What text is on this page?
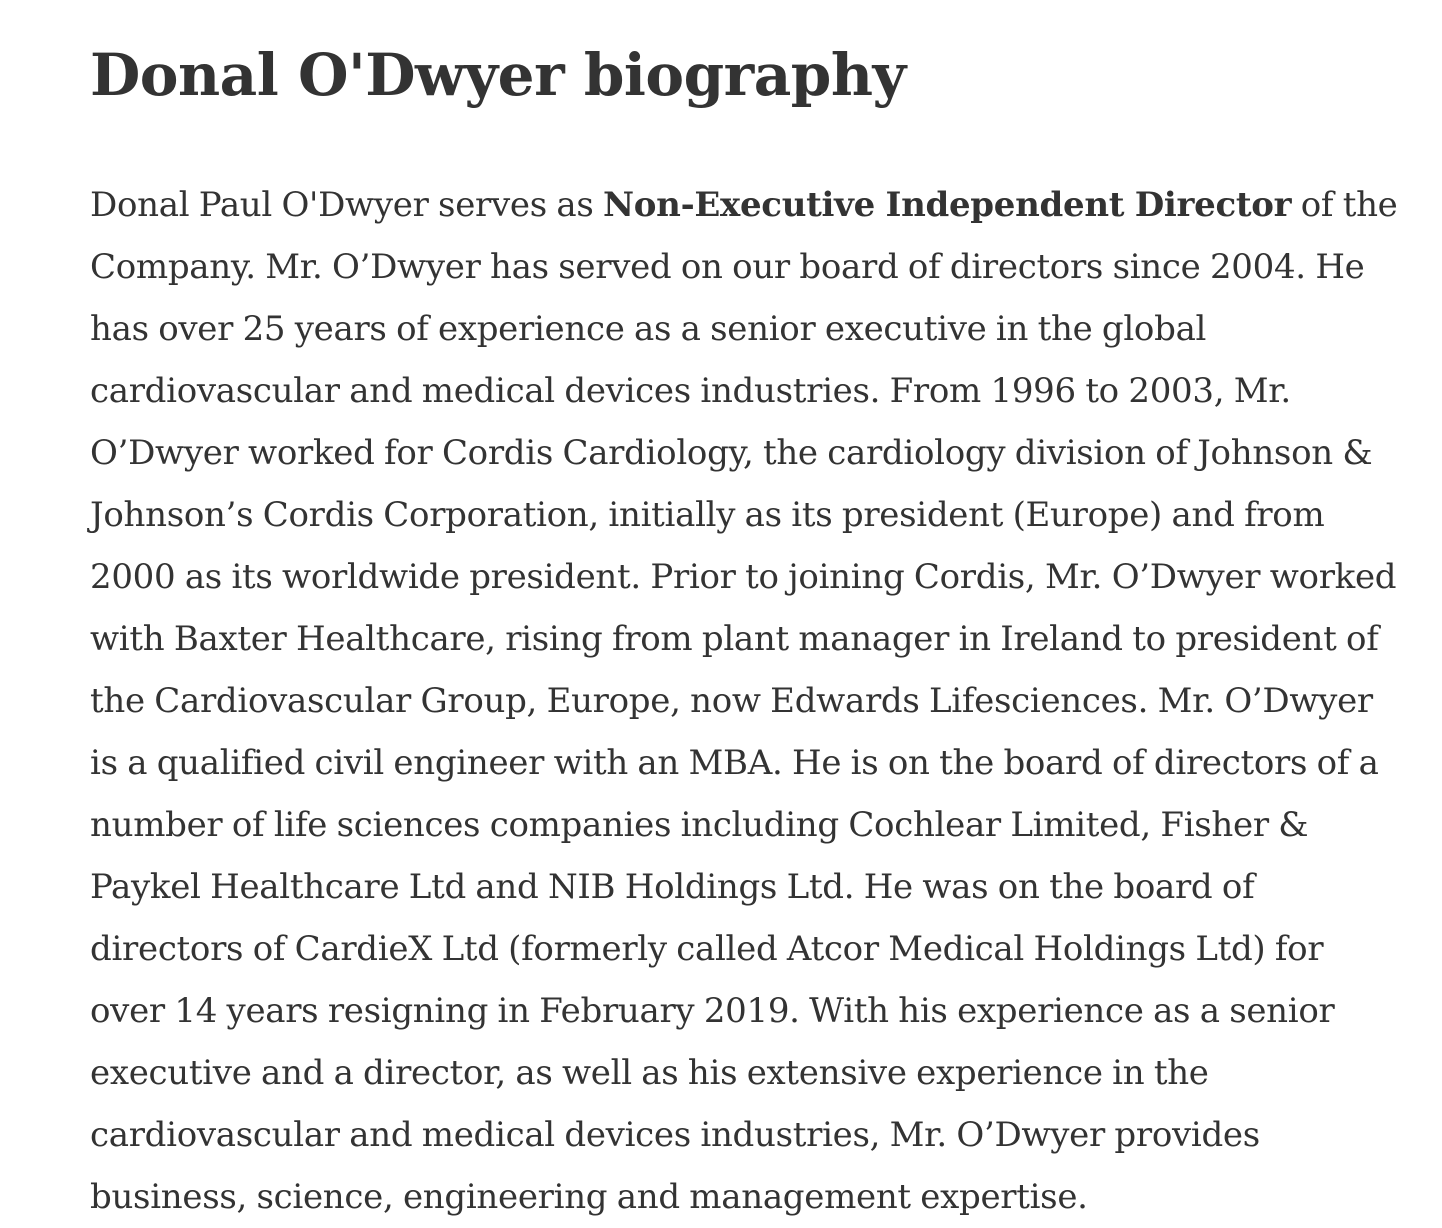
Donal O'Dwyer biography

Donal Paul O'Dwyer serves as Non-Executive Independent Director of the Company. Mr. O’Dwyer has served on our board of directors since 2004. He has over 25 years of experience as a senior executive in the global cardiovascular and medical devices industries. From 1996 to 2003, Mr. O’Dwyer worked for Cordis Cardiology, the cardiology division of Johnson & Johnson’s Cordis Corporation, initially as its president (Europe) and from 2000 as its worldwide president. Prior to joining Cordis, Mr. O’Dwyer worked with Baxter Healthcare, rising from plant manager in Ireland to president of the Cardiovascular Group, Europe, now Edwards Lifesciences. Mr. O’Dwyer is a qualified civil engineer with an MBA. He is on the board of directors of a number of life sciences companies including Cochlear Limited, Fisher & Paykel Healthcare Ltd and NIB Holdings Ltd. He was on the board of directors of CardieX Ltd (formerly called Atcor Medical Holdings Ltd) for over 14 years resigning in February 2019. With his experience as a senior executive and a director, as well as his extensive experience in the cardiovascular and medical devices industries, Mr. O’Dwyer provides business, science, engineering and management expertise.
